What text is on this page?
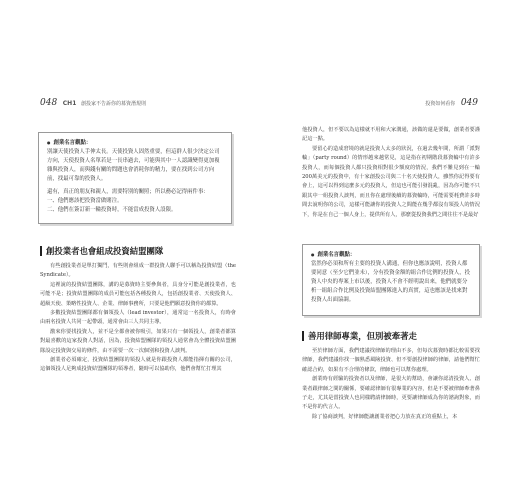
048 CH1 創投家不告訴你的募資潛規則
● 創業名言觀點：

別讓天使投資人手伸太長。天使投資人固然重要，但這群人很少決定公司方向，天使投資人名單若是一長串過去，可能與其中一人認識變得更加複雜與投資人，而與錢有關的問題也會消耗你的精力，要在找到公司方向前，找最可靠的投資人。

還有，真正的朋友和親人，需要特別的關照；所以務必記得兩件事：

一、他們應該把投資當做賭注。

二、他們在簽訂新一輪投資時，不能當成投資人設限。

創投業者也會組成投資結盟團隊

有些創投業者是單打獨鬥，有些則會組成一群投資人聯手可以稱為投資結盟（the Syndicate）。

這裡說的投資結盟團隊，講的是募資時主要參與者，具身分可能是創投業者，也可能不是；投資結盟團隊的成員可能包括各種投資人，包括創投業者、天使投資人、超級天使、策略性投資人、企業、律師事務所，只要是他們願意投資你的都算。

多數投資結盟團隊都有個領投人（lead investor），通常這一名投資人，有時會由兩名投資人共同一起帶頭，通常會由三人共同主導。

激來你要找投資人，並不是全都會被你吸引，如果只有一個領投人，創業者都算對最喜歡的這家投資人對話，因為，投資結盟團隊的領投人通常會為全體投資結盟團隊設定投資與交易的條件，由不需要一次一次個別和投資人談判。

創業者必須確定，投資結盟團隊的領投人就是你跟投資人都能指揮有關的公司，這個領投人足夠成投資結盟團隊的領導者，隨時可以協助你，他們會幫忙打理其

投資如何看你 049

他投資人，但不要以為這樣就不用和大家溝通，該做的還是要做，創業者要謹記這一點。

要留心的造成窘境的就是投資人太多的狀況，在過去幾年間，所謂「派對輪」（party round）的情形越來越常見，這是指在初期階段募資輪中有許多投資人，而每個投資人都只投資相對很少額度的情況，我們不難見到在一輪200萬美元的投資中，有十家創投公司與二十名天使投資人，雖然你記得要有會上，這可以得到這麼多元的投資人，但這也可能引發混亂，因為你可能不只跟其中一組投資人談判，而且你在處理後續的募資輪時，可能需要耗費許多時間去說明你的公司，這樣可能讓你的投資人之間能在幾乎都沒有領投人的情況下，你是在自己一個人身上，提供所有人，那麼從投資我們之間往往不是最好

● 創業名言觀點：

當然你必須和所有主要的投資人溝通，但你也應該說明，投資人都要同意（至少它們並未），分有投資金額的組合作比例的投資人，投資人中央的專案上市以後，投資人不會不經明說出來，他們就要分析一組組合作比例及投資結盟團隊進入的真實，這也應該是找來對投資人出面協調。

善用律師專業，但別被牽著走

至於律師方面，我們建議找律師的理由不多，但每次募資時都比較需要找律師，我們建議你找一個熟悉風險投資、但不要創投律師的律師，請他們幫忙確認合約，如果有不合理的條款，律師也可以幫你處理。

創業時有經驗的投資者以及律師，是很大的幫助，會讓你認清投資人、創業者跟律師之間的關係，要確認律師有很專業的內容，但是不要被律師牽著鼻子走，尤其是當投資人也同樣聘請律師時，更要讓律師成為你的諮詢對象，而不是你的代言人。

除了協商談判，好律師能讓創業者把心力放在真正的重點上，本
